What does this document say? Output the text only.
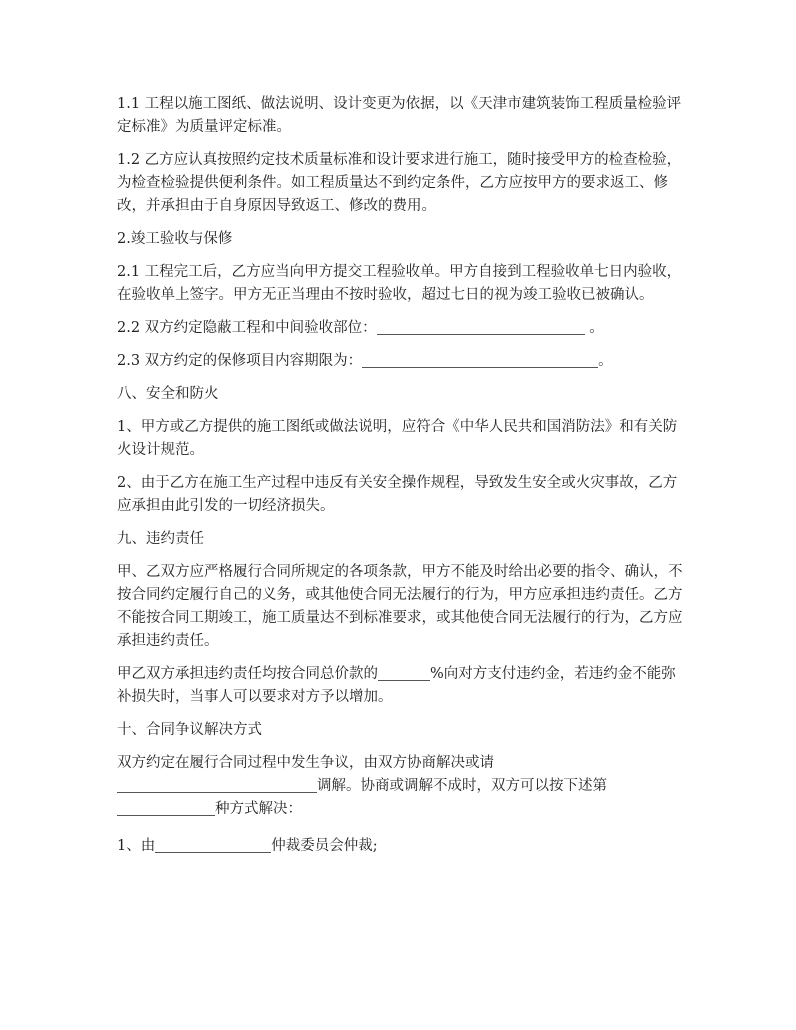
1.1 工程以施工图纸、做法说明、设计变更为依据，以《天津市建筑装饰工程质量检验评定标准》为质量评定标准。

1.2 乙方应认真按照约定技术质量标准和设计要求进行施工，随时接受甲方的检查检验，为检查检验提供便利条件。如工程质量达不到约定条件，乙方应按甲方的要求返工、修改，并承担由于自身原因导致返工、修改的费用。

2.竣工验收与保修

2.1 工程完工后，乙方应当向甲方提交工程验收单。甲方自接到工程验收单七日内验收，在验收单上签字。甲方无正当理由不按时验收，超过七日的视为竣工验收已被确认。

2.2 双方约定隐蔽工程和中间验收部位：	。

2.3 双方约定的保修项目内容期限为：	。

八、安全和防火

1、甲方或乙方提供的施工图纸或做法说明，应符合《中华人民共和国消防法》和有关防火设计规范。

2、由于乙方在施工生产过程中违反有关安全操作规程，导致发生安全或火灾事故，乙方应承担由此引发的一切经济损失。

九、违约责任

甲、乙双方应严格履行合同所规定的各项条款，甲方不能及时给出必要的指令、确认，不按合同约定履行自己的义务，或其他使合同无法履行的行为，甲方应承担违约责任。乙方不能按合同工期竣工，施工质量达不到标准要求，或其他使合同无法履行的行为，乙方应承担违约责任。

甲乙双方承担违约责任均按合同总价款的	%向对方支付违约金，若违约金不能弥补损失时，当事人可以要求对方予以增加。

十、合同争议解决方式

双方约定在履行合同过程中发生争议，由双方协商解决或请
调解。协商或调解不成时，双方可以按下述第
种方式解决：

1、由	仲裁委员会仲裁;
